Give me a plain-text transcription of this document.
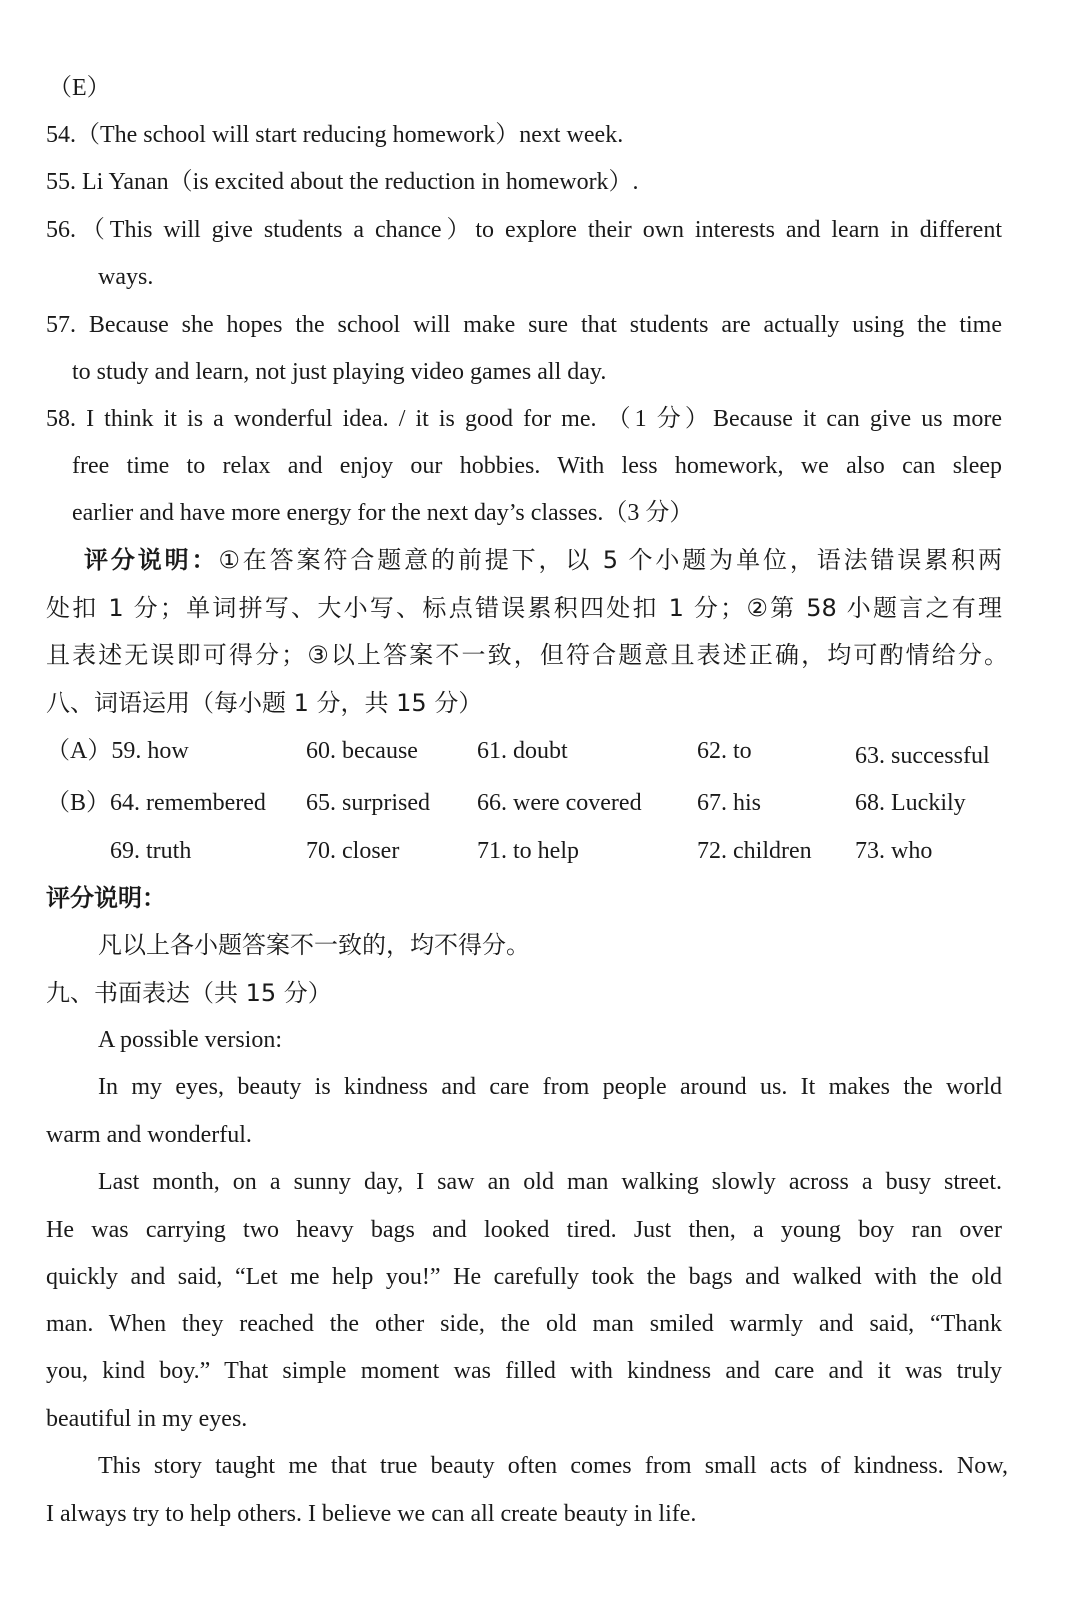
（E）
54.（The school will start reducing homework）next week.
55. Li Yanan（is excited about the reduction in homework）.
56.（This will give students a chance）to explore their own interests and learn in different
ways.
57. Because she hopes the school will make sure that students are actually using the time
to study and learn, not just playing video games all day.
58. I think it is a wonderful idea. / it is good for me. （1 分）Because it can give us more
free time to relax and enjoy our hobbies. With less homework, we also can sleep
earlier and have more energy for the next day’s classes.（3 分）
评分说明：①在答案符合题意的前提下，以 5 个小题为单位，语法错误累积两
处扣 1 分；单词拼写、大小写、标点错误累积四处扣 1 分；②第 58 小题言之有理
且表述无误即可得分；③以上答案不一致，但符合题意且表述正确，均可酌情给分。
八、词语运用（每小题 1 分，共 15 分）
（A）59. how	60. because 61. doubt	62. to	63. successful
（B）64. remembered 65. surprised 66. were covered 67. his	68. Luckily
69. truth	70. closer	71. to help	72. children 73. who
评分说明：
凡以上各小题答案不一致的，均不得分。
九、书面表达（共 15 分）
A possible version:
In my eyes, beauty is kindness and care from people around us. It makes the world
warm and wonderful.
Last month, on a sunny day, I saw an old man walking slowly across a busy street.
He was carrying two heavy bags and looked tired. Just then, a young boy ran over
quickly and said, “Let me help you!” He carefully took the bags and walked with the old
man. When they reached the other side, the old man smiled warmly and said, “Thank
you, kind boy.” That simple moment was filled with kindness and care and it was truly
beautiful in my eyes.
This story taught me that true beauty often comes from small acts of kindness. Now,
I always try to help others. I believe we can all create beauty in life.
